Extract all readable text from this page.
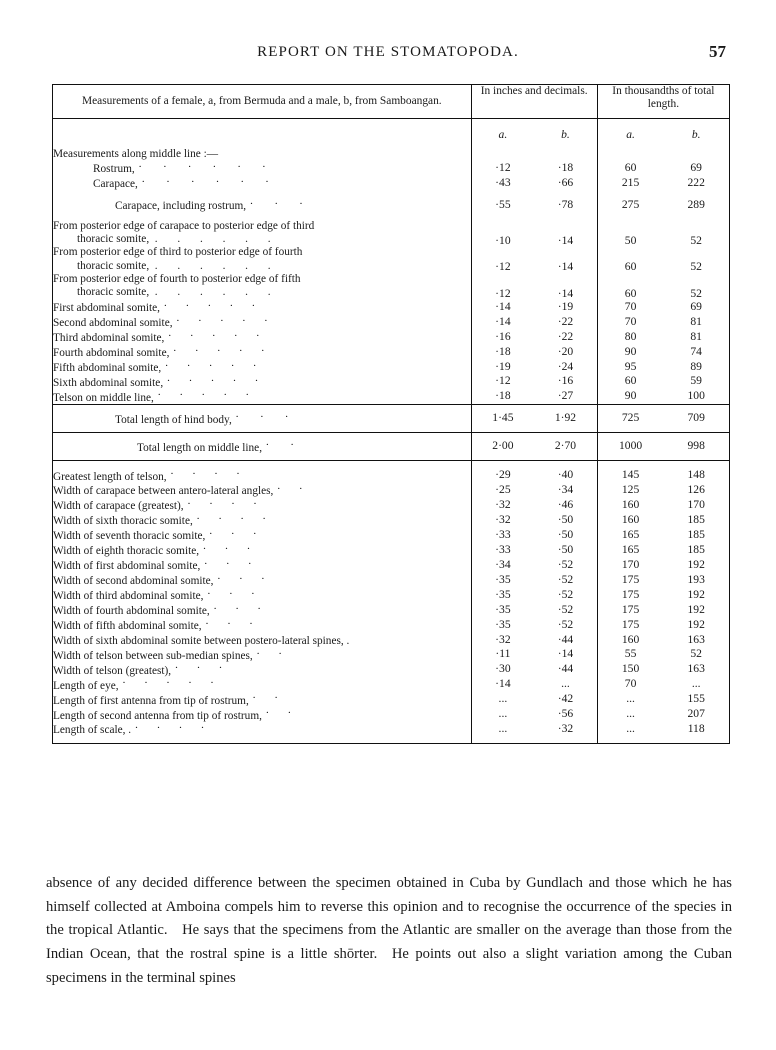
REPORT ON THE STOMATOPODA.	57
Measurements of a female, a, from Bermuda and a male, b, from Samboangan.	In inches and decimals.		In thousandths of total length.	

	a.	b.	a.	b.

Measurements along middle line :—				

Rostrum, .        .        .        .        .        .	·12	·18	60	69

Carapace, .        .        .        .        .        .	·43	·66	215	222

Carapace, including rostrum, .        .        .	·55	·78	275	289

From posterior edge of carapace to posterior edge of third
thoracic somite,  .       .       .       .       .       .	·10	·14	50	52
From posterior edge of third to posterior edge of fourth
thoracic somite,  .       .       .       .       .       .	·12	·14	60	52
From posterior edge of fourth to posterior edge of fifth
thoracic somite,  .       .       .       .       .       .	·12	·14	60	52

First abdominal somite, .       .       .       .       .	·14	·19	70	69

Second abdominal somite, .       .       .       .       .	·14	·22	70	81

Third abdominal somite, .       .       .       .       .	·16	·22	80	81

Fourth abdominal somite, .       .       .       .       .	·18	·20	90	74

Fifth abdominal somite, .       .       .       .       .	·19	·24	95	89

Sixth abdominal somite, .       .       .       .       .	·12	·16	60	59

Telson on middle line, .       .       .       .       .	·18	·27	90	100

Total length of hind body, .        .        .	1·45	1·92	725	709

Total length on middle line, .        .	2·00	2·70	1000	998

Greatest length of telson, .       .       .       .	·29	·40	145	148

Width of carapace between antero-lateral angles, .       .	·25	·34	125	126

Width of carapace (greatest), .       .       .       .	·32	·46	160	170

Width of sixth thoracic somite, .       .       .       .	·32	·50	160	185

Width of seventh thoracic somite, .       .       .	·33	·50	165	185

Width of eighth thoracic somite, .       .       .	·33	·50	165	185

Width of first abdominal somite, .       .       .	·34	·52	170	192

Width of second abdominal somite, .       .       .	·35	·52	175	193

Width of third abdominal somite, .       .       .	·35	·52	175	192

Width of fourth abdominal somite, .       .       .	·35	·52	175	192

Width of fifth abdominal somite, .       .       .	·35	·52	175	192

Width of sixth abdominal somite between postero-lateral spines, .	·32	·44	160	163

Width of telson between sub-median spines, .       .	·11	·14	55	52

Width of telson (greatest), .       .       .	·30	·44	150	163

Length of eye, .       .       .       .       .	·14	...	70	...

Length of first antenna from tip of rostrum, .       .	...	·42	...	155

Length of second antenna from tip of rostrum, .       .	...	·56	...	207

Length of scale, . .       .       .       .	...	·32	...	118

absence of any decided difference between the specimen obtained in Cuba by Gundlach and those which he has himself collected at Amboina compels him to reverse this opinion and to recognise the occurrence of the species in the tropical Atlantic. He says that the specimens from the Atlantic are smaller on the average than those from the Indian Ocean, that the rostral spine is a little shōrter. He points out also a slight variation among the Cuban specimens in the terminal spines
